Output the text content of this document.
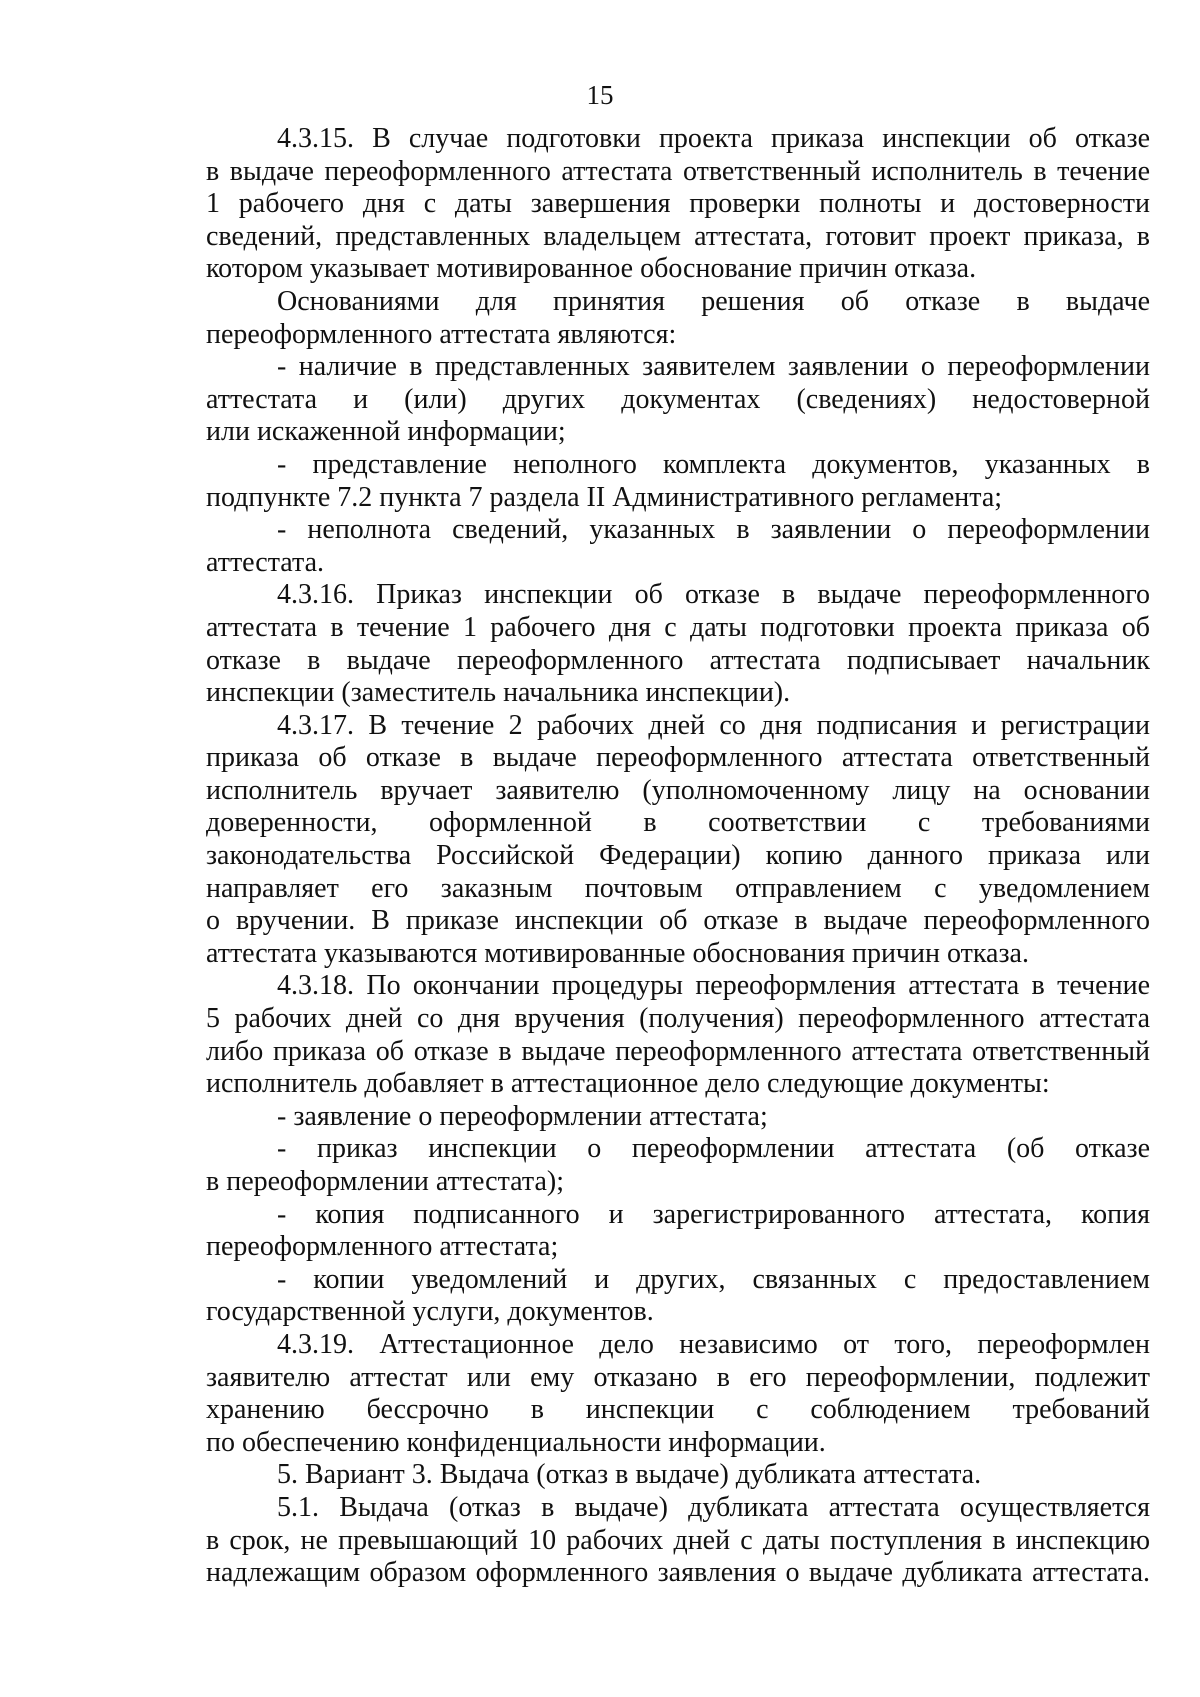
15
4.3.15. В случае подготовки проекта приказа инспекции об отказе
в выдаче переоформленного аттестата ответственный исполнитель в течение
1 рабочего дня с даты завершения проверки полноты и достоверности
сведений, представленных владельцем аттестата, готовит проект приказа, в
котором указывает мотивированное обоснование причин отказа.
Основаниями для принятия решения об отказе в выдаче
переоформленного аттестата являются:
- наличие в представленных заявителем заявлении о переоформлении
аттестата и (или) других документах (сведениях) недостоверной
или искаженной информации;
- представление неполного комплекта документов, указанных в
подпункте 7.2 пункта 7 раздела II Административного регламента;
- неполнота сведений, указанных в заявлении о переоформлении
аттестата.
4.3.16. Приказ инспекции об отказе в выдаче переоформленного
аттестата в течение 1 рабочего дня с даты подготовки проекта приказа об
отказе в выдаче переоформленного аттестата подписывает начальник
инспекции (заместитель начальника инспекции).
4.3.17. В течение 2 рабочих дней со дня подписания и регистрации
приказа об отказе в выдаче переоформленного аттестата ответственный
исполнитель вручает заявителю (уполномоченному лицу на основании
доверенности, оформленной в соответствии с требованиями
законодательства Российской Федерации) копию данного приказа или
направляет его заказным почтовым отправлением с уведомлением
о вручении. В приказе инспекции об отказе в выдаче переоформленного
аттестата указываются мотивированные обоснования причин отказа.
4.3.18. По окончании процедуры переоформления аттестата в течение
5 рабочих дней со дня вручения (получения) переоформленного аттестата
либо приказа об отказе в выдаче переоформленного аттестата ответственный
исполнитель добавляет в аттестационное дело следующие документы:
- заявление о переоформлении аттестата;
- приказ инспекции о переоформлении аттестата (об отказе
в переоформлении аттестата);
- копия подписанного и зарегистрированного аттестата, копия
переоформленного аттестата;
- копии уведомлений и других, связанных с предоставлением
государственной услуги, документов.
4.3.19. Аттестационное дело независимо от того, переоформлен
заявителю аттестат или ему отказано в его переоформлении, подлежит
хранению бессрочно в инспекции с соблюдением требований
по обеспечению конфиденциальности информации.
5. Вариант 3. Выдача (отказ в выдаче) дубликата аттестата.
5.1. Выдача (отказ в выдаче) дубликата аттестата осуществляется
в срок, не превышающий 10 рабочих дней с даты поступления в инспекцию
надлежащим образом оформленного заявления о выдаче дубликата аттестата.
